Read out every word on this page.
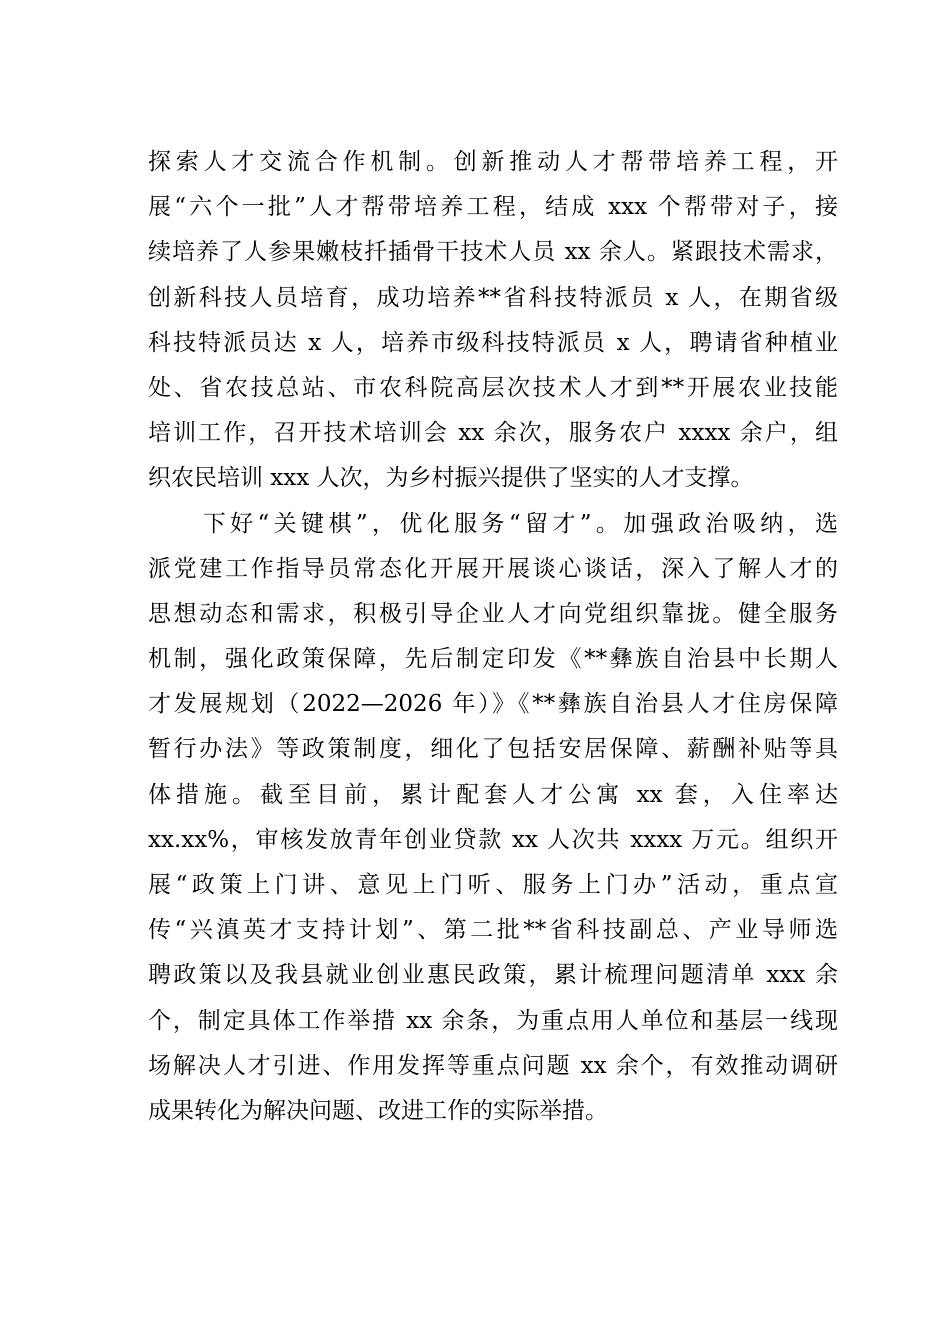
探索人才交流合作机制。创新推动人才帮带培养工程，开
展“六个一批”人才帮带培养工程，结成 xxx 个帮带对子，接
续培养了人参果嫩枝扦插骨干技术人员 xx 余人。紧跟技术需求，
创新科技人员培育，成功培养**省科技特派员 x 人，在期省级
科技特派员达 x 人，培养市级科技特派员 x 人，聘请省种植业
处、省农技总站、市农科院高层次技术人才到**开展农业技能
培训工作，召开技术培训会 xx 余次，服务农户 xxxx 余户，组
织农民培训 xxx 人次，为乡村振兴提供了坚实的人才支撑。
　　下好“关键棋”，优化服务“留才”。加强政治吸纳，选
派党建工作指导员常态化开展开展谈心谈话，深入了解人才的
思想动态和需求，积极引导企业人才向党组织靠拢。健全服务
机制，强化政策保障，先后制定印发《**彝族自治县中长期人
才发展规划（2022—2026 年）》《**彝族自治县人才住房保障
暂行办法》等政策制度，细化了包括安居保障、薪酬补贴等具
体措施。截至目前，累计配套人才公寓 xx 套，入住率达
xx.xx%，审核发放青年创业贷款 xx 人次共 xxxx 万元。组织开
展“政策上门讲、意见上门听、服务上门办”活动，重点宣
传“兴滇英才支持计划”、第二批**省科技副总、产业导师选
聘政策以及我县就业创业惠民政策，累计梳理问题清单 xxx 余
个，制定具体工作举措 xx 余条，为重点用人单位和基层一线现
场解决人才引进、作用发挥等重点问题 xx 余个，有效推动调研
成果转化为解决问题、改进工作的实际举措。
